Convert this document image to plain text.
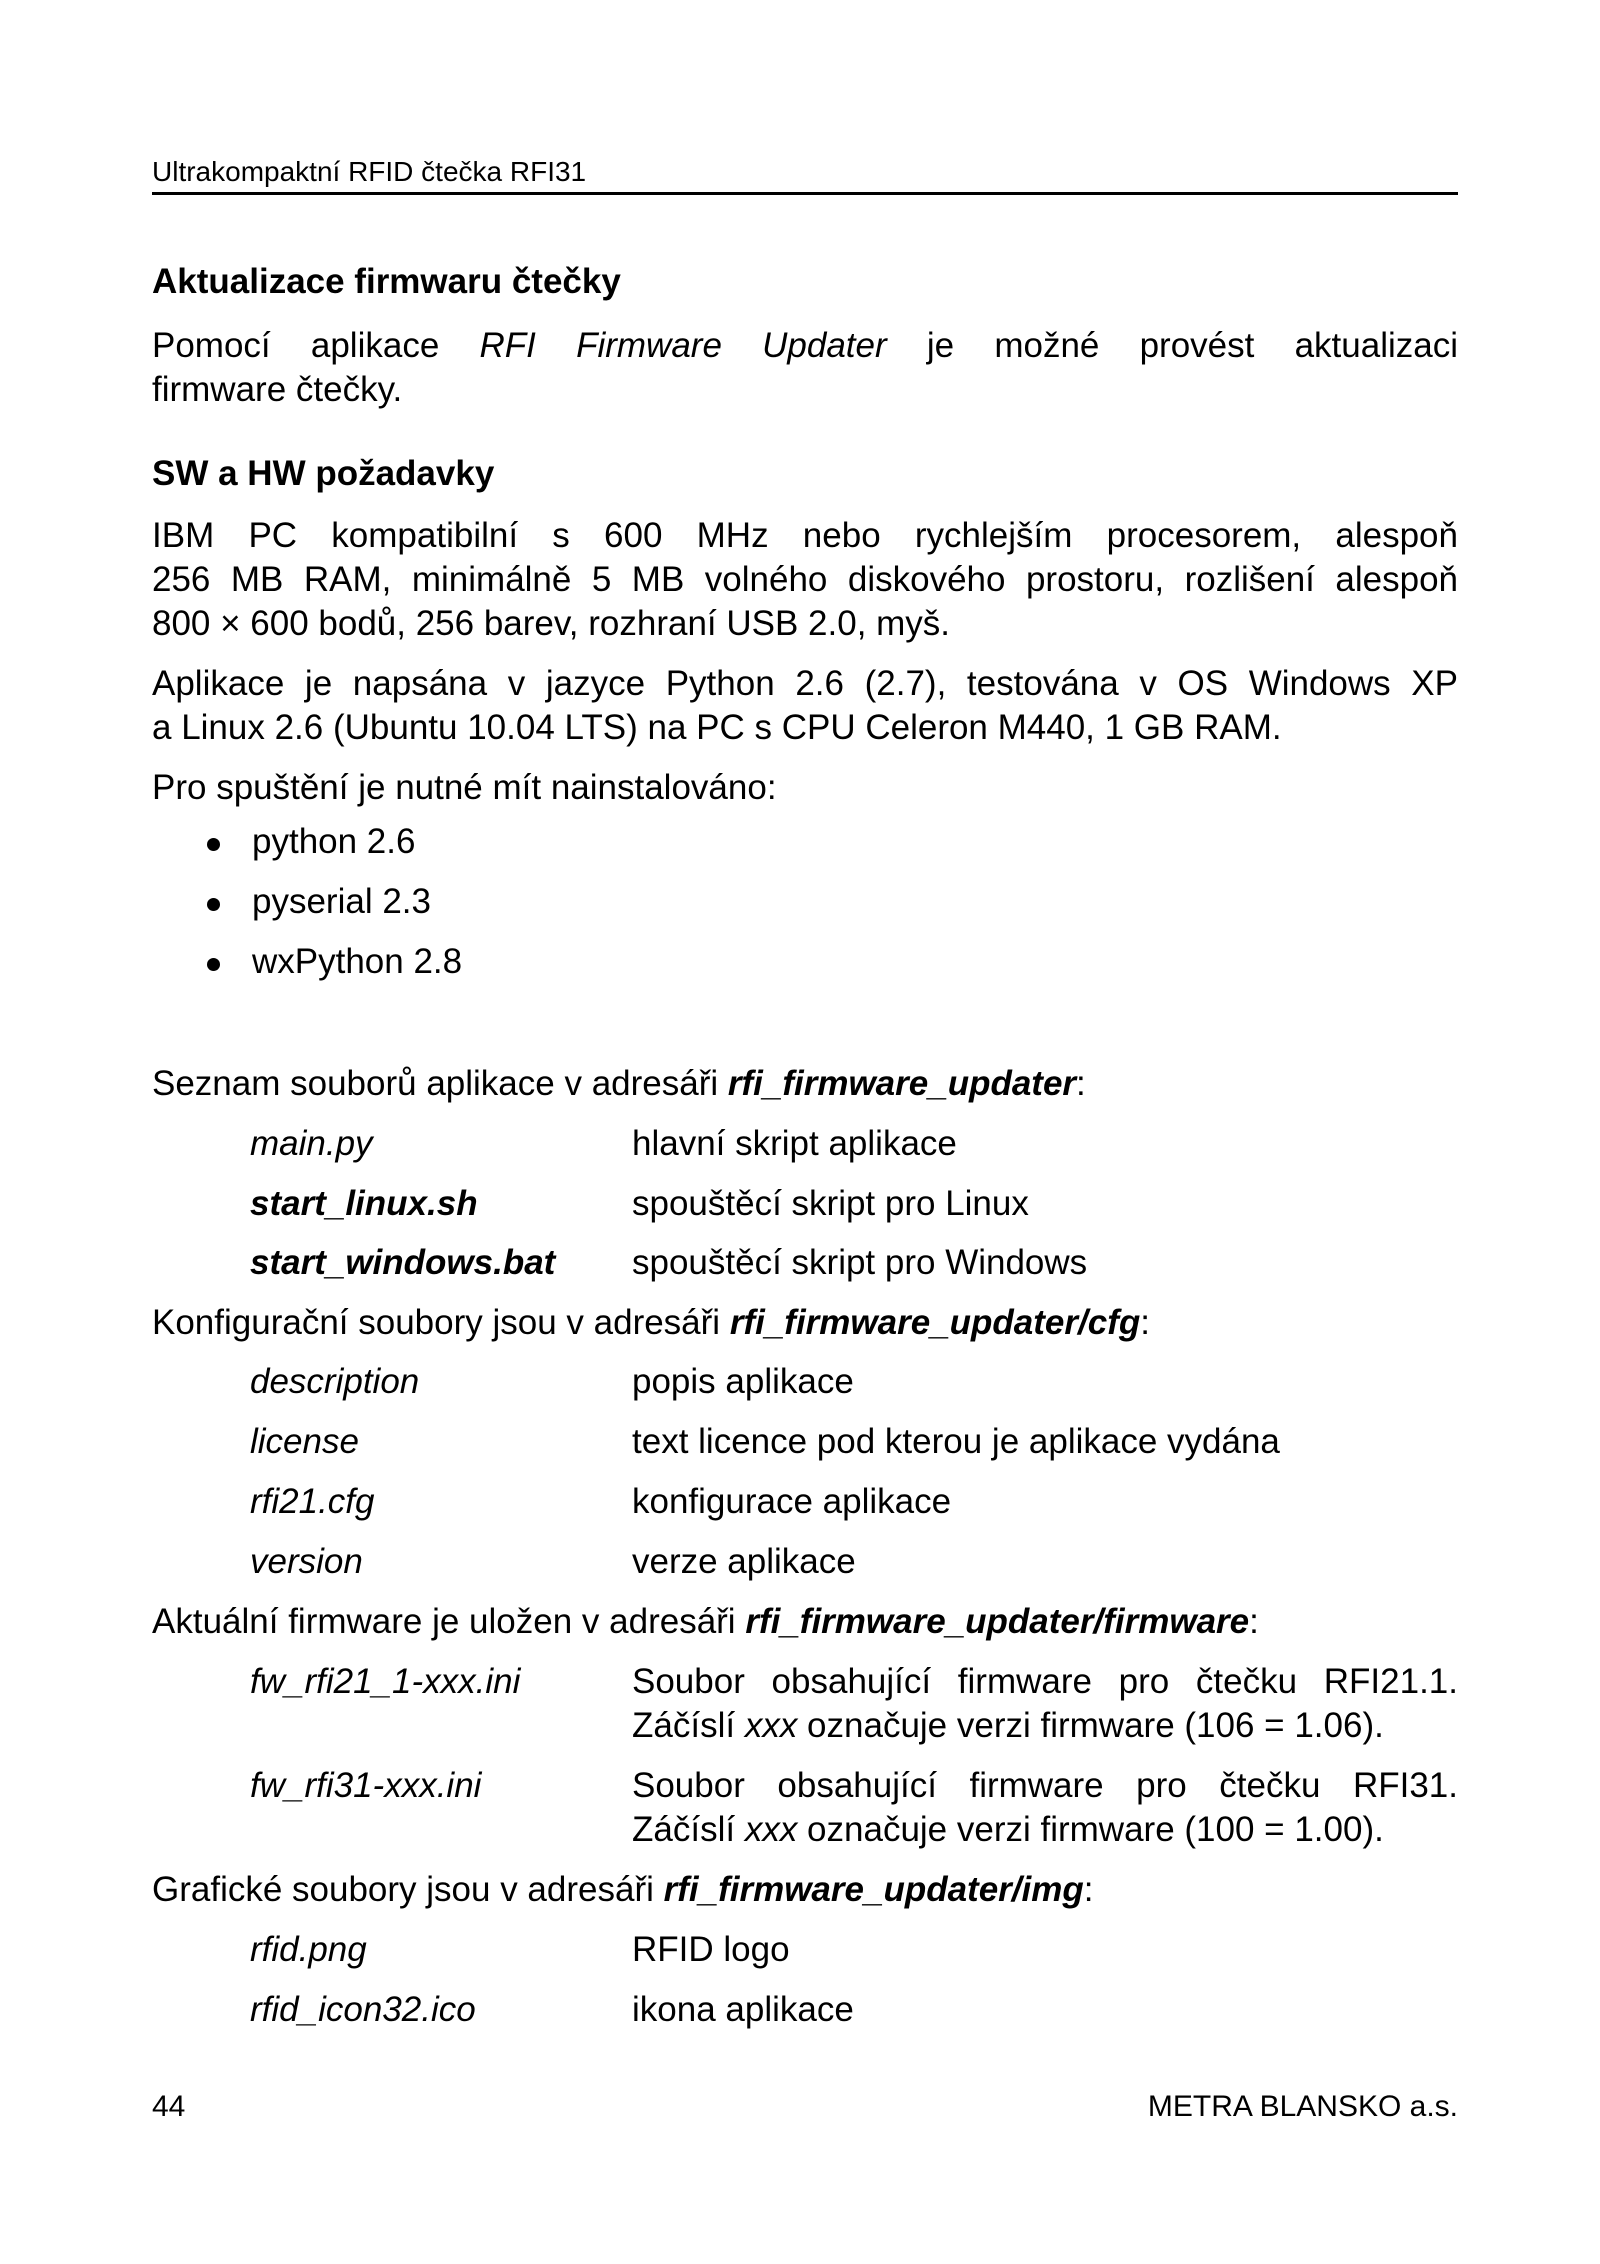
Ultrakompaktní RFID čtečka RFI31
Aktualizace firmwaru čtečky
Pomocí aplikace RFI Firmware Updater je možné provést aktualizaci
firmware čtečky.
SW a HW požadavky
IBM PC kompatibilní s 600 MHz nebo rychlejším procesorem, alespoň
256 MB RAM, minimálně 5 MB volného diskového prostoru, rozlišení alespoň
800 × 600 bodů, 256 barev, rozhraní USB 2.0, myš.
Aplikace je napsána v jazyce Python 2.6 (2.7), testována v OS Windows XP
a Linux 2.6 (Ubuntu 10.04 LTS) na PC s CPU Celeron M440, 1 GB RAM.
Pro spuštění je nutné mít nainstalováno:
python 2.6
pyserial 2.3
wxPython 2.8
Seznam souborů aplikace v adresáři rfi_firmware_updater:
main.py	hlavní skript aplikace
start_linux.sh	spouštěcí skript pro Linux
start_windows.bat spouštěcí skript pro Windows
Konfigurační soubory jsou v adresáři rfi_firmware_updater/cfg:
description	popis aplikace
license	text licence pod kterou je aplikace vydána
rfi21.cfg	konfigurace aplikace
version	verze aplikace
Aktuální firmware je uložen v adresáři rfi_firmware_updater/firmware:
fw_rfi21_1-xxx.ini	Soubor obsahující firmware pro čtečku RFI21.1.
Záčíslí xxx označuje verzi firmware (106 = 1.06).
fw_rfi31-xxx.ini	Soubor obsahující firmware pro čtečku RFI31.
Záčíslí xxx označuje verzi firmware (100 = 1.00).
Grafické soubory jsou v adresáři rfi_firmware_updater/img:
rfid.png	RFID logo
rfid_icon32.ico	ikona aplikace
44	METRA BLANSKO a.s.
